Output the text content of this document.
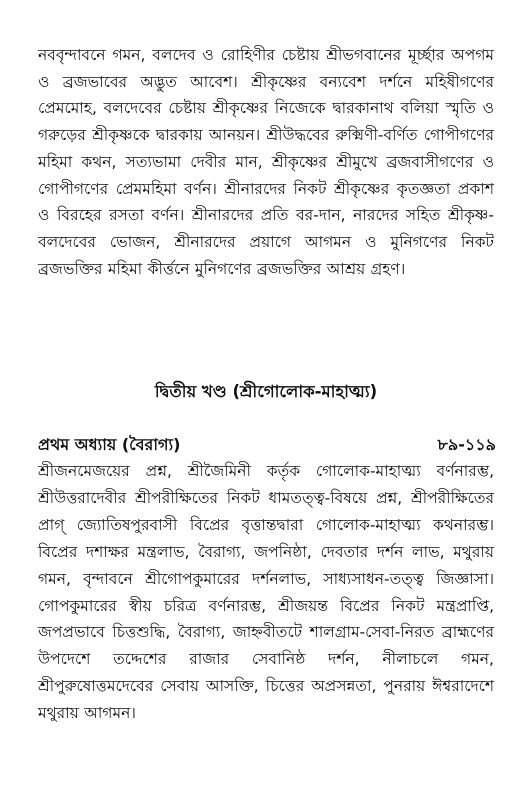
নববৃন্দাবনে গমন, বলদেব ও রোহিণীর চেষ্টায় শ্রীভগবানের মূর্চ্ছার অপগম ও ব্রজভাবের অদ্ভুত আবেশ। শ্রীকৃষ্ণের বন্যবেশ দর্শনে মহিষীগণের প্রেমমোহ, বলদেবের চেষ্টায় শ্রীকৃষ্ণের নিজেকে দ্বারকানাথ বলিয়া স্মৃতি ও গরুড়ের শ্রীকৃষ্ণকে দ্বারকায় আনয়ন। শ্রীউদ্ধবের রুক্মিণী-বর্ণিত গোপীগণের মহিমা কথন, সত্যভামা দেবীর মান, শ্রীকৃষ্ণের শ্রীমুখে ব্রজবাসীগণের ও গোপীগণের প্রেমমহিমা বর্ণন। শ্রীনারদের নিকট শ্রীকৃষ্ণের কৃতজ্ঞতা প্রকাশ ও বিরহের রসতা বর্ণন। শ্রীনারদের প্রতি বর-দান, নারদের সহিত শ্রীকৃষ্ণ-বলদেবের ভোজন, শ্রীনারদের প্রয়াগে আগমন ও মুনিগণের নিকট ব্রজভক্তির মহিমা কীর্ত্তনে মুনিগণের ব্রজভক্তির আশ্রয় গ্রহণ।
দ্বিতীয় খণ্ড (শ্রীগোলোক-মাহাত্ম্য)
প্রথম অধ্যায় (বৈরাগ্য)	৮৯-১১৯
শ্রীজনমেজয়ের প্রশ্ন, শ্রীজৈমিনী কর্তৃক গোলোক-মাহাত্ম্য বর্ণনারম্ভ, শ্রীউত্তরাদেবীর শ্রীপরীক্ষিতের নিকট ধামতত্ত্ব-বিষয়ে প্রশ্ন, শ্রীপরীক্ষিতের প্রাগ্ জ্যোতিষপুরবাসী বিপ্রের বৃত্তান্তদ্বারা গোলোক-মাহাত্ম্য কথনারম্ভ। বিপ্রের দশাক্ষর মন্ত্রলাভ, বৈরাগ্য, জপনিষ্ঠা, দেবতার দর্শন লাভ, মথুরায় গমন, বৃন্দাবনে শ্রীগোপকুমারের দর্শনলাভ, সাধ্যসাধন-তত্ত্ব জিজ্ঞাসা। গোপকুমারের স্বীয় চরিত্র বর্ণনারম্ভ, শ্রীজয়ন্ত বিপ্রের নিকট মন্ত্রপ্রাপ্তি, জপপ্রভাবে চিত্তশুদ্ধি, বৈরাগ্য, জাহ্নবীতটে শালগ্রাম-সেবা-নিরত ব্রাহ্মণের উপদেশে তদ্দেশের রাজার সেবানিষ্ঠ দর্শন, নীলাচলে গমন, শ্রীপুরুষোত্তমদেবের সেবায় আসক্তি, চিত্তের অপ্রসন্নতা, পুনরায় ঈশ্বরাদেশে মথুরায় আগমন।
